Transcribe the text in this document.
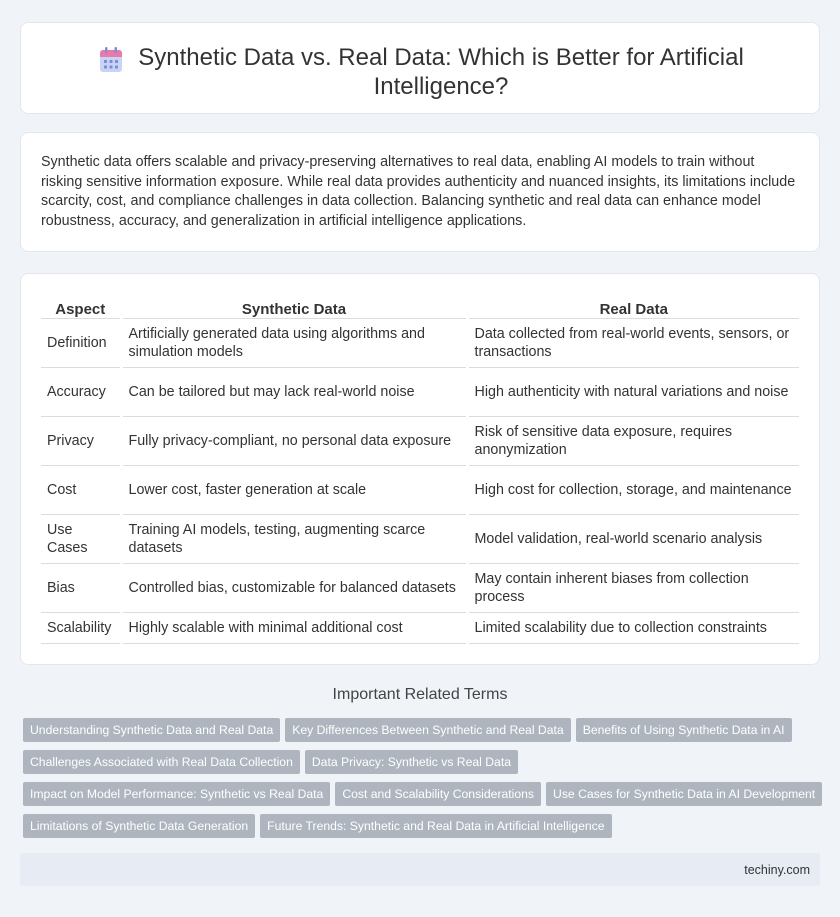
Synthetic Data vs. Real Data: Which is Better for Artificial Intelligence?

Synthetic data offers scalable and privacy-preserving alternatives to real data, enabling AI models to train without risking sensitive information exposure. While real data provides authenticity and nuanced insights, its limitations include scarcity, cost, and compliance challenges in data collection. Balancing synthetic and real data can enhance model robustness, accuracy, and generalization in artificial intelligence applications.

Aspect	Synthetic Data	Real Data
Definition	Artificially generated data using algorithms and simulation models	Data collected from real-world events, sensors, or transactions
Accuracy	Can be tailored but may lack real-world noise	High authenticity with natural variations and noise
Privacy	Fully privacy-compliant, no personal data exposure	Risk of sensitive data exposure, requires anonymization
Cost	Lower cost, faster generation at scale	High cost for collection, storage, and maintenance
Use Cases	Training AI models, testing, augmenting scarce datasets	Model validation, real-world scenario analysis
Bias	Controlled bias, customizable for balanced datasets	May contain inherent biases from collection process
Scalability	Highly scalable with minimal additional cost	Limited scalability due to collection constraints
Important Related Terms
Understanding Synthetic Data and Real Data Key Differences Between Synthetic and Real Data Benefits of Using Synthetic Data in AI
Challenges Associated with Real Data Collection Data Privacy: Synthetic vs Real Data
Impact on Model Performance: Synthetic vs Real Data Cost and Scalability Considerations Use Cases for Synthetic Data in AI Development
Limitations of Synthetic Data Generation Future Trends: Synthetic and Real Data in Artificial Intelligence
techiny.com
